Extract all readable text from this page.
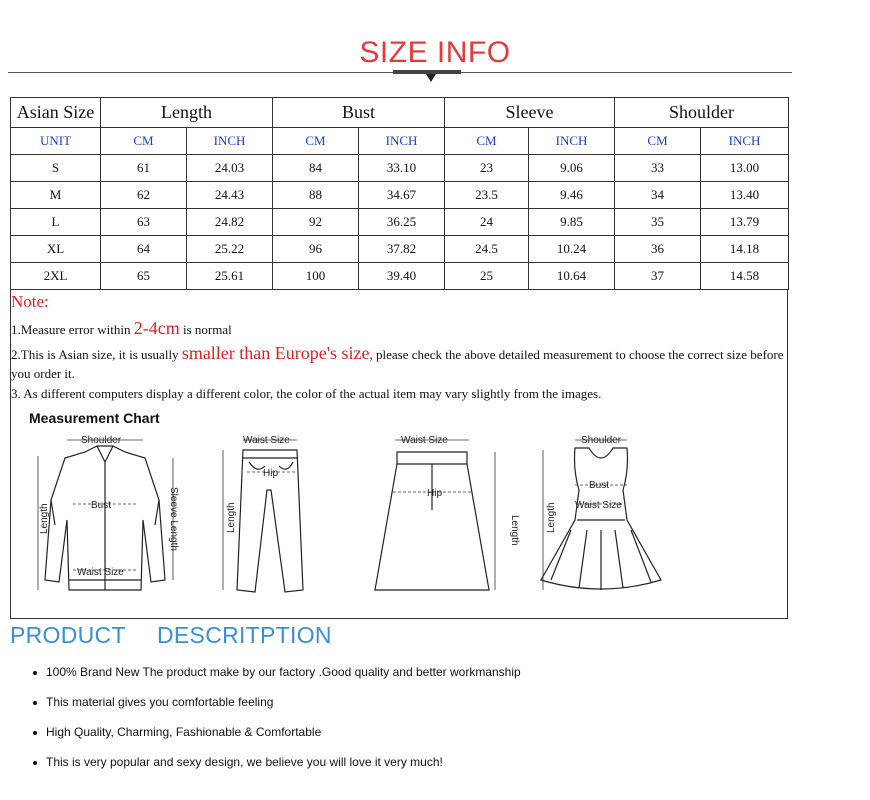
SIZE INFO
Asian Size	Length		Bust		Sleeve		Shoulder	
UNIT	CM	INCH	CM	INCH	CM	INCH	CM	INCH
S	61	24.03	84	33.10	23	9.06	33	13.00
M	62	24.43	88	34.67	23.5	9.46	34	13.40
L	63	24.82	92	36.25	24	9.85	35	13.79
XL	64	25.22	96	37.82	24.5	10.24	36	14.18
2XL	65	25.61	100	39.40	25	10.64	37	14.58
Note:
1.Measure error within 2-4cm is normal
2.This is Asian size, it is usually smaller than Europe's size, please check the above detailed measurement to choose the correct size before you order it.
3. As different computers display a different color, the color of the actual item may vary slightly from the images.
Measurement Chart
Shoulder
Bust
Waist Size
Length	Sleeve Length
Waist Size
Hip
Length
Waist Size
Hip
Length
Shoulder
Bust
Waist Size
Length
PRODUCT DESCRITPTION
100% Brand New The product make by our factory .Good quality and better workmanship
This material gives you comfortable feeling
High Quality, Charming, Fashionable & Comfortable
This is very popular and sexy design, we believe you will love it very much!
